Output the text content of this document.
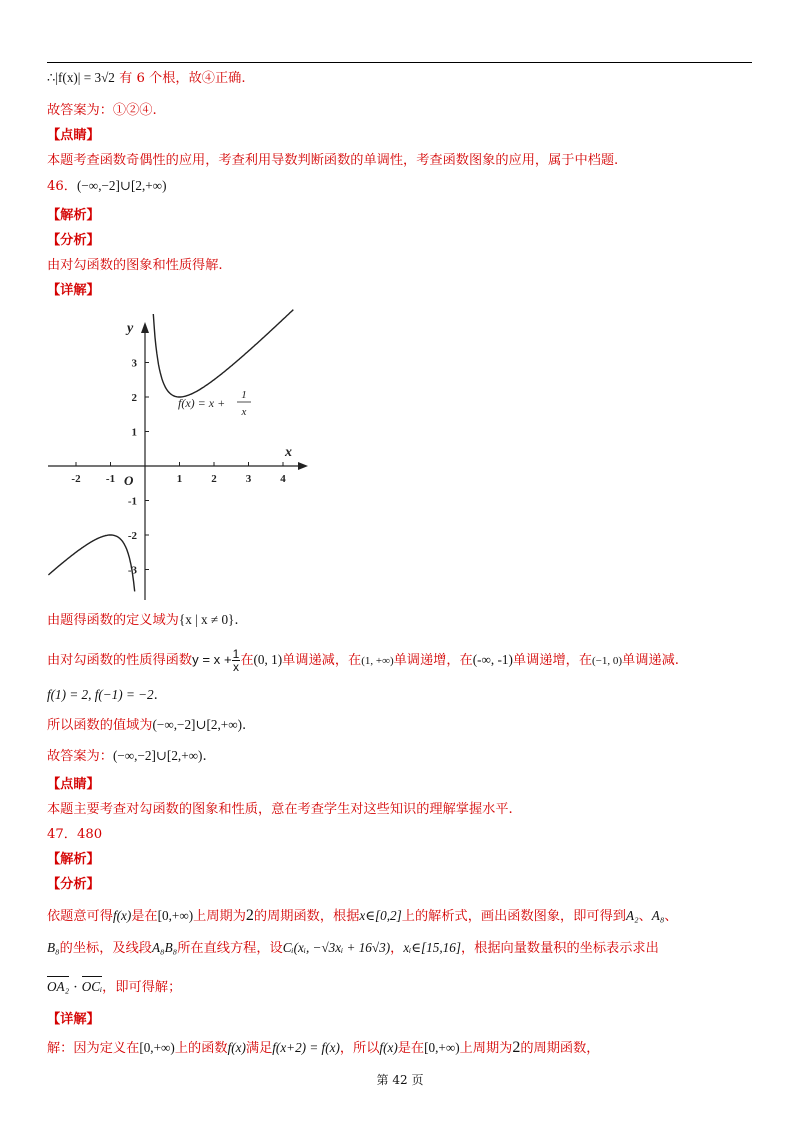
∴|f(x)| = 3√2 有 6 个根，故④正确.
故答案为：①②④.
【点睛】
本题考查函数奇偶性的应用，考查利用导数判断函数的单调性，考查函数图象的应用，属于中档题.
46．(−∞,−2]∪[2,+∞)
【解析】
【分析】
由对勾函数的图象和性质得解.
【详解】
-2 -1	1	2	3	4
3
2
1
-1
-2
-3
x
y
O
f(x) = x +
1
x
由题得函数的定义域为{x | x ≠ 0}.
由对勾函数的性质得函数$y = x + \frac{1}{x}$ 在(0, 1)单调递减，在(1, +∞)单调递增，在(-∞, -1)单调递增，在(−1, 0)单调递减.
f(1) = 2, f(−1) = −2.
所以函数的值域为(−∞,−2]∪[2,+∞).
故答案为：(−∞,−2]∪[2,+∞).
【点睛】
本题主要考查对勾函数的图象和性质，意在考查学生对这些知识的理解掌握水平.
47．480
【解析】
【分析】
依题意可得f(x)是在[0,+∞)上周期为2的周期函数，根据x∈[0,2]上的解析式，画出函数图象，即可得到A₂、A₈、
B₈的坐标，及线段A₈B₈所在直线方程，设Cᵢ(xᵢ, −√3xᵢ + 16√3)，xᵢ∈[15,16]，根据向量数量积的坐标表示求出
OA₂ · OCᵢ，即可得解；
【详解】
解：因为定义在[0,+∞)上的函数f(x)满足f(x+2) = f(x)，所以f(x)是在[0,+∞)上周期为2的周期函数，
第 42 页
